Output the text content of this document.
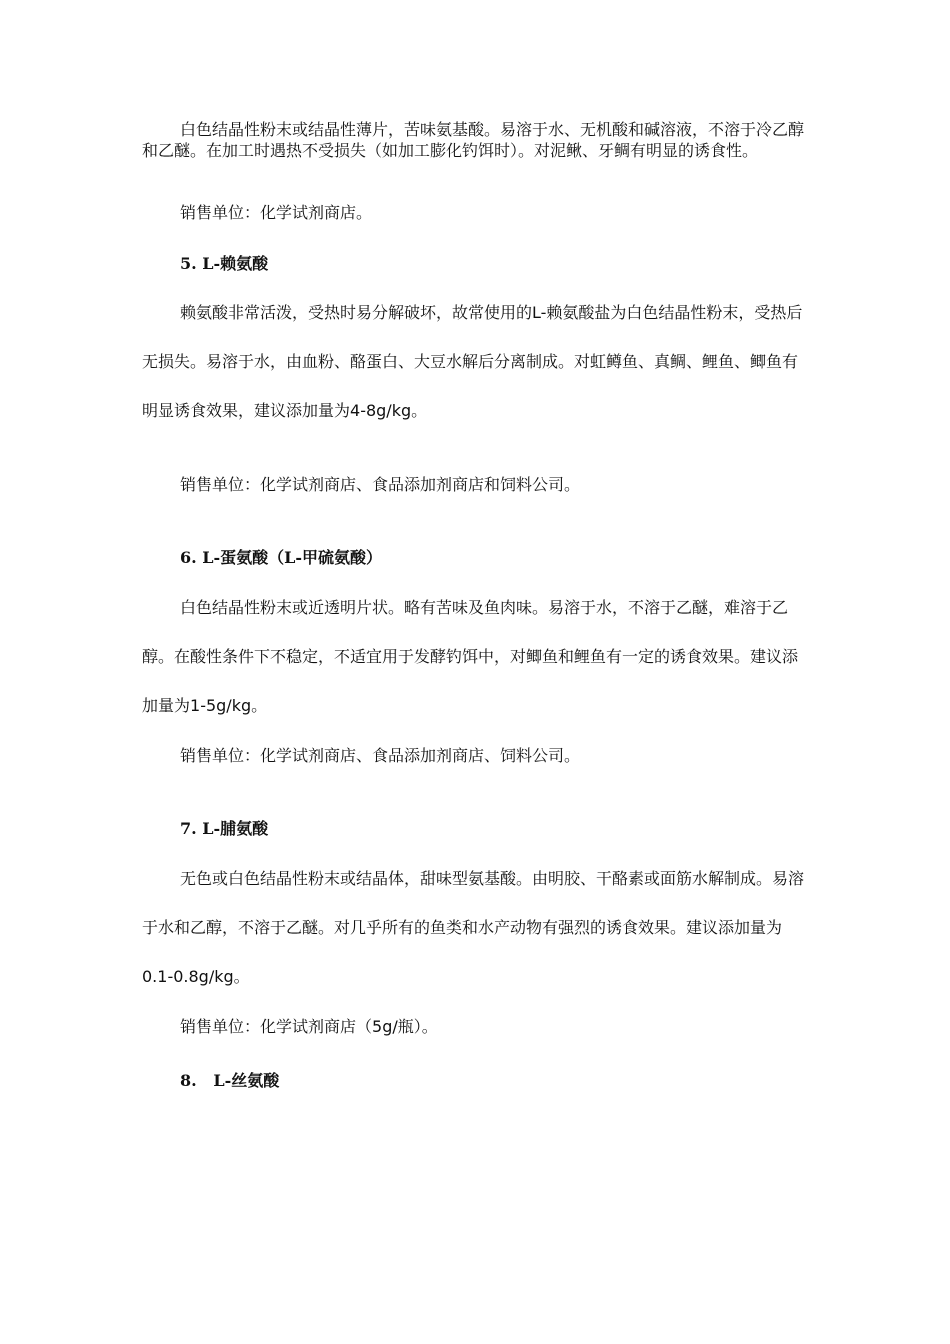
白色结晶性粉末或结晶性薄片，苦味氨基酸。易溶于水、无机酸和碱溶液，不溶于冷乙醇和乙醚。在加工时遇热不受损失（如加工膨化钓饵时）。对泥鳅、牙鲷有明显的诱食性。

销售单位：化学试剂商店。

5. L-赖氨酸

赖氨酸非常活泼，受热时易分解破坏，故常使用的L-赖氨酸盐为白色结晶性粉末，受热后无损失。易溶于水，由血粉、酪蛋白、大豆水解后分离制成。对虹鳟鱼、真鲷、鲤鱼、鲫鱼有明显诱食效果，建议添加量为4-8g/kg。

销售单位：化学试剂商店、食品添加剂商店和饲料公司。

6. L-蛋氨酸（L-甲硫氨酸）

白色结晶性粉末或近透明片状。略有苦味及鱼肉味。易溶于水，不溶于乙醚，难溶于乙醇。在酸性条件下不稳定，不适宜用于发酵钓饵中，对鲫鱼和鲤鱼有一定的诱食效果。建议添加量为1-5g/kg。

销售单位：化学试剂商店、食品添加剂商店、饲料公司。

7. L-脯氨酸

无色或白色结晶性粉末或结晶体，甜味型氨基酸。由明胶、干酪素或面筋水解制成。易溶于水和乙醇，不溶于乙醚。对几乎所有的鱼类和水产动物有强烈的诱食效果。建议添加量为0.1-0.8g/kg。

销售单位：化学试剂商店（5g/瓶）。

8.   L-丝氨酸
